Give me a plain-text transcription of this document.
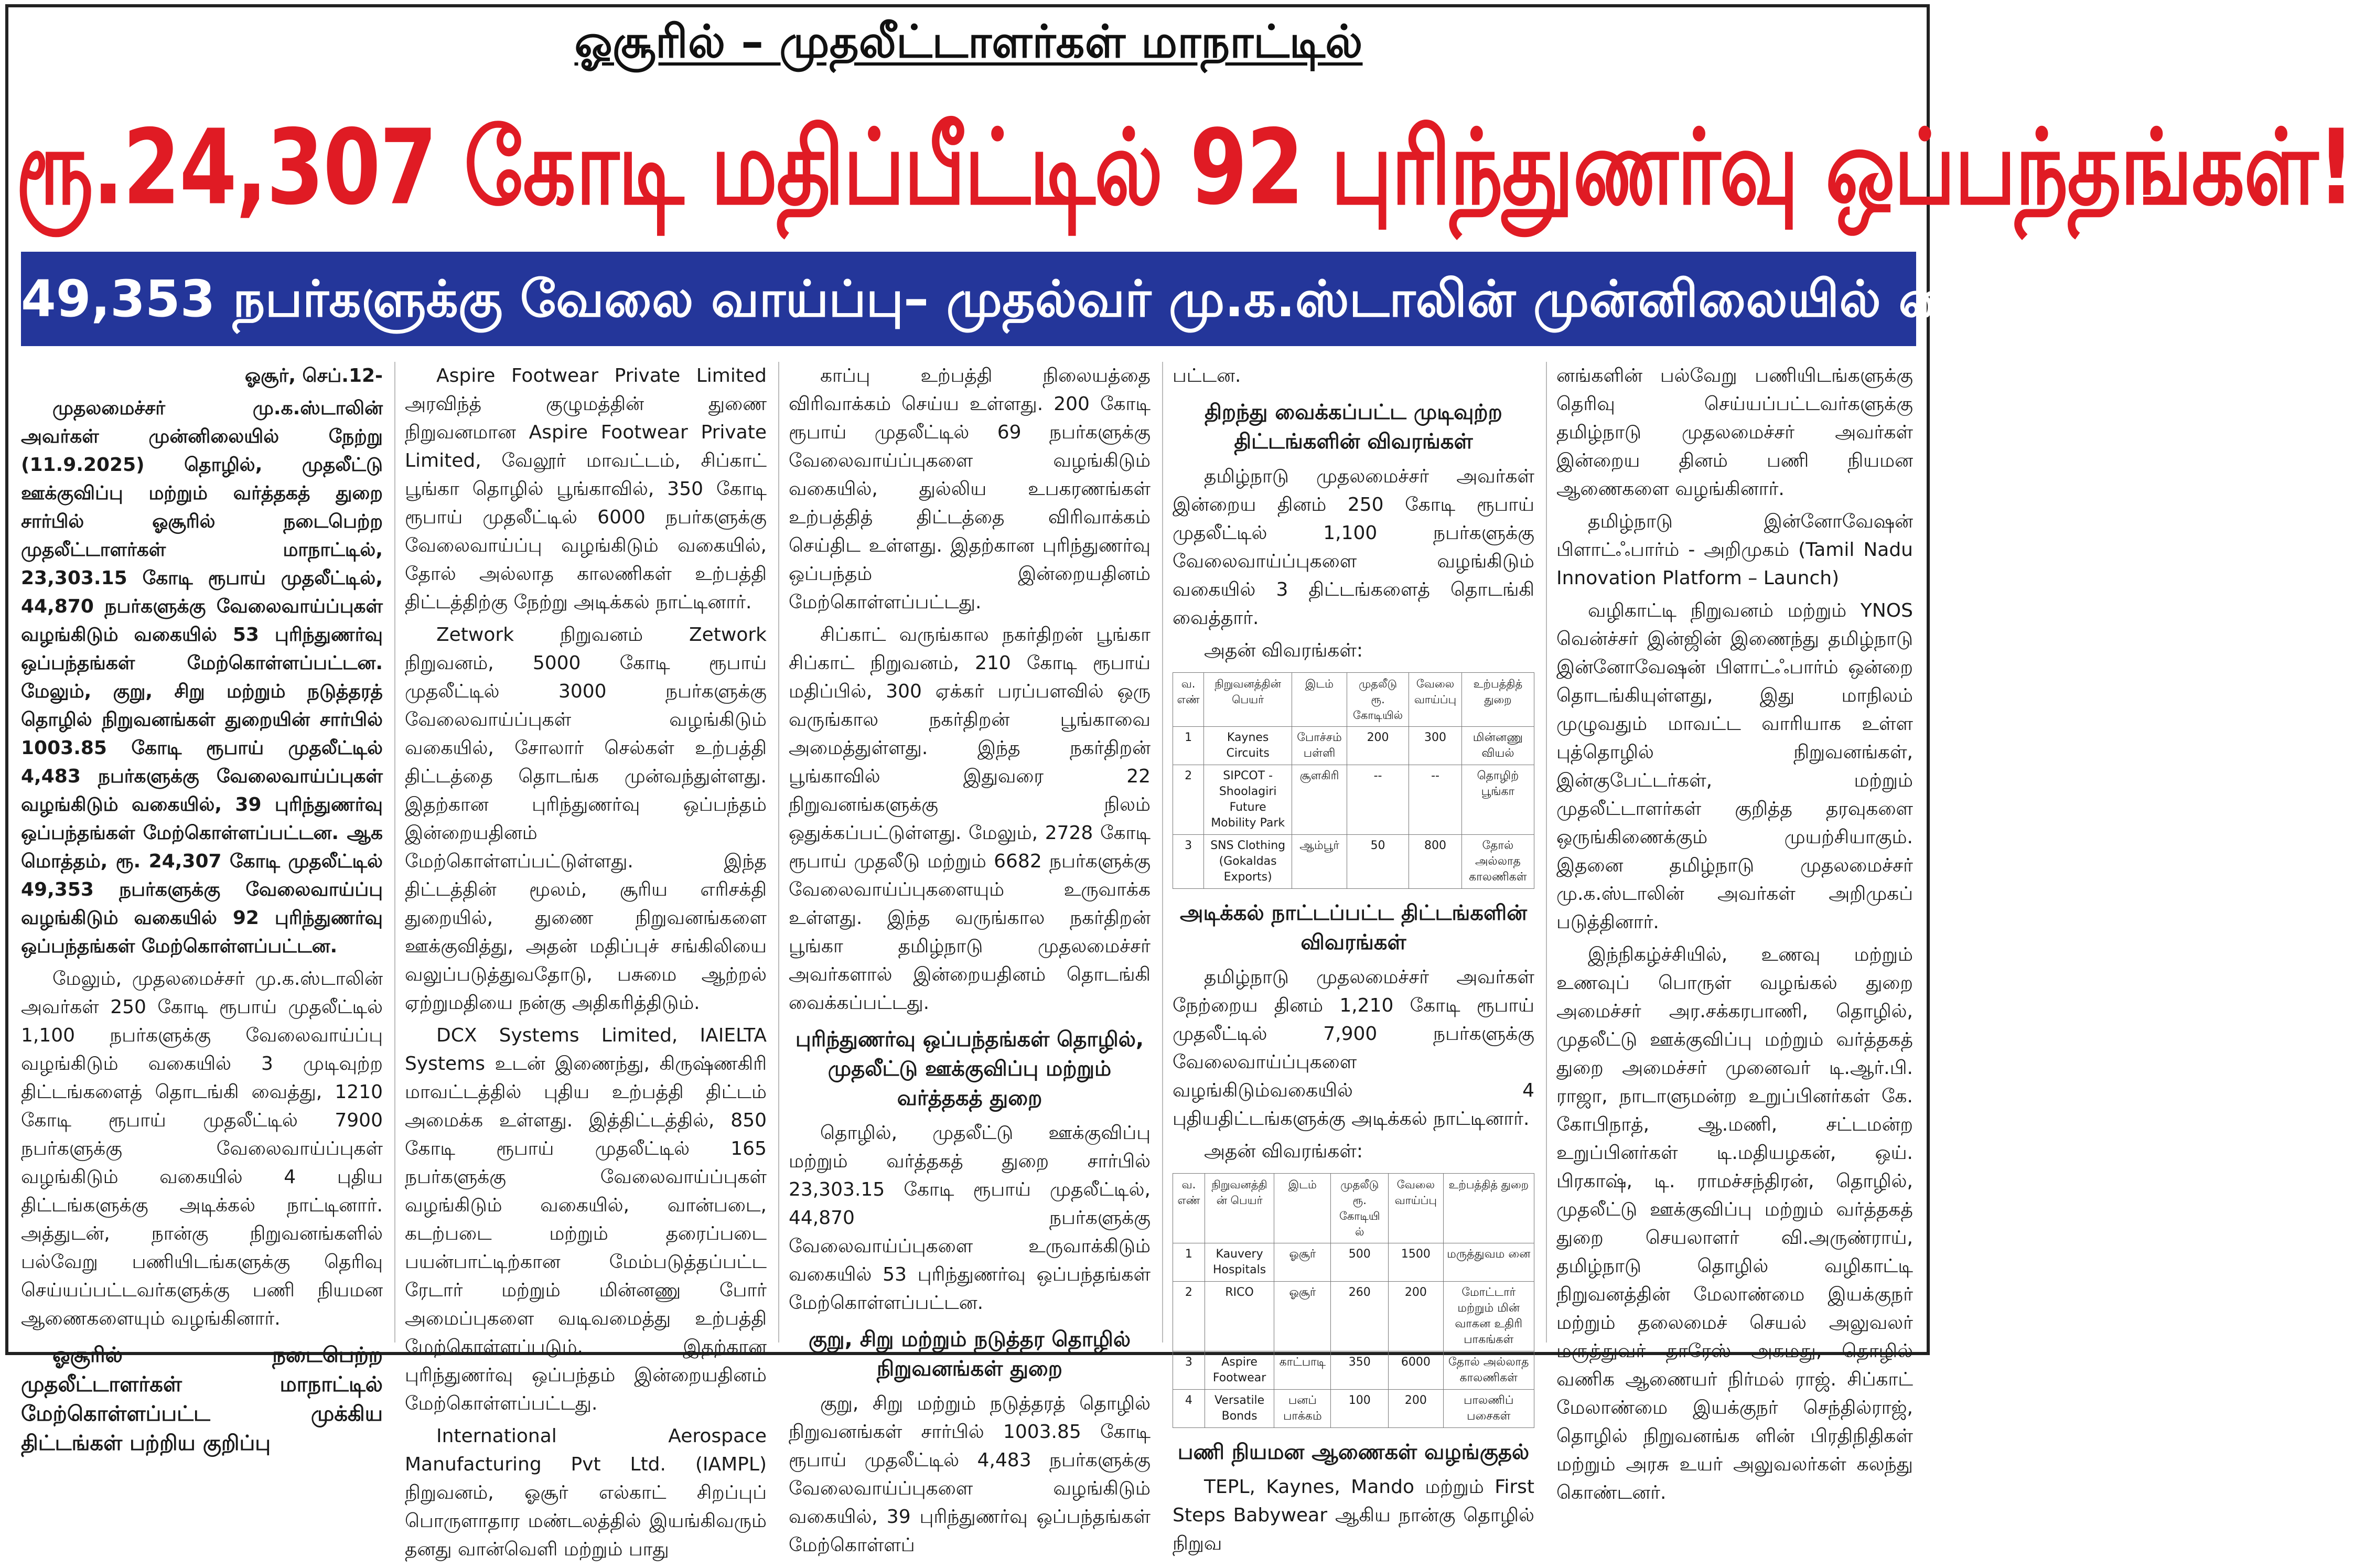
ஓசூரில் – முதலீட்டாளர்கள் மாநாட்டில்
ரூ.24,307 கோடி மதிப்பீட்டில் 92 புரிந்துணர்வு ஒப்பந்தங்கள்!
49,353 நபர்களுக்கு வேலை வாய்ப்பு– முதல்வர் மு.க.ஸ்டாலின் முன்னிலையில் கையெழுத்து!

ஓசூர், செப்.12-

முதலமைச்சர் மு.க.ஸ்டாலின் அவர்கள் முன்னிலையில் நேற்று (11.9.2025) தொழில், முதலீட்டு ஊக்குவிப்பு மற்றும் வர்த்தகத் துறை சார்பில் ஓசூரில் நடைபெற்ற முதலீட்டாளர்கள் மாநாட்டில், 23,303.15 கோடி ரூபாய் முதலீட்டில், 44,870 நபர்களுக்கு வேலைவாய்ப்புகள் வழங்கிடும் வகையில் 53 புரிந்துணர்வு ஒப்பந்தங்கள் மேற்கொள்ளப்பட்டன. மேலும், குறு, சிறு மற்றும் நடுத்தரத் தொழில் நிறுவனங்கள் துறையின் சார்பில் 1003.85 கோடி ரூபாய் முதலீட்டில் 4,483 நபர்களுக்கு வேலைவாய்ப்புகள் வழங்கிடும் வகையில், 39 புரிந்துணர்வு ஒப்பந்தங்கள் மேற்கொள்ளப்பட்டன. ஆக மொத்தம், ரூ. 24,307 கோடி முதலீட்டில் 49,353 நபர்களுக்கு வேலைவாய்ப்பு வழங்கிடும் வகையில் 92 புரிந்துணர்வு ஒப்பந்தங்கள் மேற்கொள்ளப்பட்டன.

மேலும், முதலமைச்சர் மு.க.ஸ்டாலின் அவர்கள் 250 கோடி ரூபாய் முதலீட்டில் 1,100 நபர்களுக்கு வேலைவாய்ப்பு வழங்கிடும் வகையில் 3 முடிவுற்ற திட்டங்களைத் தொடங்கி வைத்து, 1210 கோடி ரூபாய் முதலீட்டில் 7900 நபர்களுக்கு வேலைவாய்ப்புகள் வழங்கிடும் வகையில் 4 புதிய திட்டங்களுக்கு அடிக்கல் நாட்டினார். அத்துடன், நான்கு நிறுவனங்களில் பல்வேறு பணியிடங்களுக்கு தெரிவு செய்யப்பட்டவர்களுக்கு பணி நியமன ஆணைகளையும் வழங்கினார்.

ஓசூரில் நடைபெற்ற முதலீட்டாளர்கள் மாநாட்டில் மேற்கொள்ளப்பட்ட முக்கிய திட்டங்கள் பற்றிய குறிப்பு

Aspire Footwear Private Limited அரவிந்த் குழுமத்தின் துணை நிறுவனமான Aspire Footwear Private Limited, வேலூர் மாவட்டம், சிப்காட் பூங்கா தொழில் பூங்காவில், 350 கோடி ரூபாய் முதலீட்டில் 6000 நபர்களுக்கு வேலைவாய்ப்பு வழங்கிடும் வகையில், தோல் அல்லாத காலணிகள் உற்பத்தி திட்டத்திற்கு நேற்று அடிக்கல் நாட்டினார்.

Zetwork நிறுவனம் Zetwork நிறுவனம், 5000 கோடி ரூபாய் முதலீட்டில் 3000 நபர்களுக்கு வேலைவாய்ப்புகள் வழங்கிடும் வகையில், சோலார் செல்கள் உற்பத்தி திட்டத்தை தொடங்க முன்வந்துள்ளது. இதற்கான புரிந்துணர்வு ஒப்பந்தம் இன்றையதினம் மேற்கொள்ளப்பட்டுள்ளது. இந்த திட்டத்தின் மூலம், சூரிய எரிசக்தி துறையில், துணை நிறுவனங்களை ஊக்குவித்து, அதன் மதிப்புச் சங்கிலியை வலுப்படுத்துவதோடு, பசுமை ஆற்றல் ஏற்றுமதியை நன்கு அதிகரித்திடும்.

DCX Systems Limited, IAIELTA Systems உடன் இணைந்து, கிருஷ்ணகிரி மாவட்டத்தில் புதிய உற்பத்தி திட்டம் அமைக்க உள்ளது. இத்திட்டத்தில், 850 கோடி ரூபாய் முதலீட்டில் 165 நபர்களுக்கு வேலைவாய்ப்புகள் வழங்கிடும் வகையில், வான்படை, கடற்படை மற்றும் தரைப்படை பயன்பாட்டிற்கான மேம்படுத்தப்பட்ட ரேடார் மற்றும் மின்னணு போர் அமைப்புகளை வடிவமைத்து உற்பத்தி மேற்கொள்ளப்படும். இதற்கான புரிந்துணர்வு ஒப்பந்தம் இன்றையதினம் மேற்கொள்ளப்பட்டது.

International Aerospace Manufacturing Pvt Ltd. (IAMPL) நிறுவனம், ஓசூர் எல்காட் சிறப்புப் பொருளாதார மண்டலத்தில் இயங்கிவரும் தனது வான்வெளி மற்றும் பாது

காப்பு உற்பத்தி நிலையத்தை விரிவாக்கம் செய்ய உள்ளது. 200 கோடி ரூபாய் முதலீட்டில் 69 நபர்களுக்கு வேலைவாய்ப்புகளை வழங்கிடும் வகையில், துல்லிய உபகரணங்கள் உற்பத்தித் திட்டத்தை விரிவாக்கம் செய்திட உள்ளது. இதற்கான புரிந்துணர்வு ஒப்பந்தம் இன்றையதினம் மேற்கொள்ளப்பட்டது.

சிப்காட் வருங்கால நகர்திறன் பூங்கா சிப்காட் நிறுவனம், 210 கோடி ரூபாய் மதிப்பில், 300 ஏக்கர் பரப்பளவில் ஒரு வருங்கால நகர்திறன் பூங்காவை அமைத்துள்ளது. இந்த நகர்திறன் பூங்காவில் இதுவரை 22 நிறுவனங்களுக்கு நிலம் ஒதுக்கப்பட்டுள்ளது. மேலும், 2728 கோடி ரூபாய் முதலீடு மற்றும் 6682 நபர்களுக்கு வேலைவாய்ப்புகளையும் உருவாக்க உள்ளது. இந்த வருங்கால நகர்திறன் பூங்கா தமிழ்நாடு முதலமைச்சர் அவர்களால் இன்றையதினம் தொடங்கி வைக்கப்பட்டது.

புரிந்துணர்வு ஒப்பந்தங்கள் தொழில், முதலீட்டு ஊக்குவிப்பு மற்றும் வர்த்தகத் துறை

தொழில், முதலீட்டு ஊக்குவிப்பு மற்றும் வர்த்தகத் துறை சார்பில் 23,303.15 கோடி ரூபாய் முதலீட்டில், 44,870 நபர்களுக்கு வேலைவாய்ப்புகளை உருவாக்கிடும் வகையில் 53 புரிந்துணர்வு ஒப்பந்தங்கள் மேற்கொள்ளப்பட்டன.

குறு, சிறு மற்றும் நடுத்தர தொழில் நிறுவனங்கள் துறை

குறு, சிறு மற்றும் நடுத்தரத் தொழில் நிறுவனங்கள் சார்பில் 1003.85 கோடி ரூபாய் முதலீட்டில் 4,483 நபர்களுக்கு வேலைவாய்ப்புகளை வழங்கிடும் வகையில், 39 புரிந்துணர்வு ஒப்பந்தங்கள் மேற்கொள்ளப்

பட்டன.

திறந்து வைக்கப்பட்ட முடிவுற்ற திட்டங்களின் விவரங்கள்

தமிழ்நாடு முதலமைச்சர் அவர்கள் இன்றைய தினம் 250 கோடி ரூபாய் முதலீட்டில் 1,100 நபர்களுக்கு வேலைவாய்ப்புகளை வழங்கிடும் வகையில் 3 திட்டங்களைத் தொடங்கி வைத்தார்.

அதன் விவரங்கள்:

வ. எண்	நிறுவனத்தின் பெயர்	இடம்	முதலீடு ரூ. கோடியில்	வேலை வாய்ப்பு	உற்பத்தித் துறை
1	Kaynes Circuits	போச்சம் பள்ளி	200	300	மின்னணு வியல்
2	SIPCOT - Shoolagiri Future Mobility Park	சூளகிரி	--	--	தொழிற் பூங்கா
3	SNS Clothing (Gokaldas Exports)	ஆம்பூர்	50	800	தோல் அல்லாத காலணிகள்

அடிக்கல் நாட்டப்பட்ட திட்டங்களின் விவரங்கள்

தமிழ்நாடு முதலமைச்சர் அவர்கள் நேற்றைய தினம் 1,210 கோடி ரூபாய் முதலீட்டில் 7,900 நபர்களுக்கு வேலைவாய்ப்புகளை வழங்கிடும்வகையில் 4 புதியதிட்டங்களுக்கு அடிக்கல் நாட்டினார்.

அதன் விவரங்கள்:

வ. எண்	நிறுவனத்தி ன் பெயர்	இடம்	முதலீடு ரூ. கோடியி ல்	வேலை வாய்ப்பு	உற்பத்தித் துறை
1	Kauvery Hospitals	ஓசூர்	500	1500	மருத்துவம னை
2	RICO	ஓசூர்	260	200	மோட்டார் மற்றும் மின் வாகன உதிரி பாகங்கள்
3	Aspire Footwear	காட்பாடி	350	6000	தோல் அல்லாத காலணிகள்
4	Versatile Bonds	பனப் பாக்கம்	100	200	பாலணிப் பசைகள்

பணி நியமன ஆணைகள் வழங்குதல்

TEPL, Kaynes, Mando மற்றும் First Steps Babywear ஆகிய நான்கு தொழில் நிறுவ

னங்களின் பல்வேறு பணியிடங்களுக்கு தெரிவு செய்யப்பட்டவர்களுக்கு தமிழ்நாடு முதலமைச்சர் அவர்கள் இன்றைய தினம் பணி நியமன ஆணைகளை வழங்கினார்.

தமிழ்நாடு இன்னோவேஷன் பிளாட்ஃபார்ம் - அறிமுகம் (Tamil Nadu Innovation Platform – Launch)

வழிகாட்டி நிறுவனம் மற்றும் YNOS வென்ச்சர் இன்ஜின் இணைந்து தமிழ்நாடு இன்னோவேஷன் பிளாட்ஃபார்ம் ஒன்றை தொடங்கியுள்ளது, இது மாநிலம் முழுவதும் மாவட்ட வாரியாக உள்ள புத்தொழில் நிறுவனங்கள், இன்குபேட்டர்கள், மற்றும் முதலீட்டாளர்கள் குறித்த தரவுகளை ஒருங்கிணைக்கும் முயற்சியாகும். இதனை தமிழ்நாடு முதலமைச்சர் மு.க.ஸ்டாலின் அவர்கள் அறிமுகப் படுத்தினார்.

இந்நிகழ்ச்சியில், உணவு மற்றும் உணவுப் பொருள் வழங்கல் துறை அமைச்சர் அர.சக்கரபாணி, தொழில், முதலீட்டு ஊக்குவிப்பு மற்றும் வர்த்தகத் துறை அமைச்சர் முனைவர் டி.ஆர்.பி. ராஜா, நாடாளுமன்ற உறுப்பினர்கள் கே. கோபிநாத், ஆ.மணி, சட்டமன்ற உறுப்பினர்கள் டி.மதியழகன், ஒய். பிரகாஷ், டி. ராமச்சந்திரன், தொழில், முதலீட்டு ஊக்குவிப்பு மற்றும் வர்த்தகத் துறை செயலாளர் வி.அருண்ராய், தமிழ்நாடு தொழில் வழிகாட்டி நிறுவனத்தின் மேலாண்மை இயக்குநர் மற்றும் தலைமைச் செயல் அலுவலர் மருத்துவர் தாரேஸ் அகமது, தொழில் வணிக ஆணையர் நிர்மல் ராஜ். சிப்காட் மேலாண்மை இயக்குநர் செந்தில்ராஜ், தொழில் நிறுவனங்க ளின் பிரதிநிதிகள் மற்றும் அரசு உயர் அலுவலர்கள் கலந்து கொண்டனர்.
